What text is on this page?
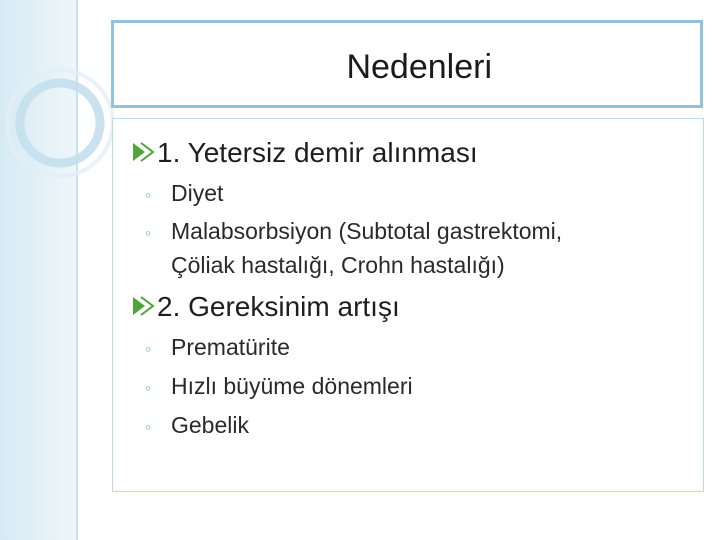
Nedenleri
1. Yetersiz demir alınması
◦ Diyet
◦ Malabsorbsiyon (Subtotal gastrektomi,
Çöliak hastalığı, Crohn hastalığı)
2. Gereksinim artışı
◦ Prematürite
◦ Hızlı büyüme dönemleri
◦ Gebelik
